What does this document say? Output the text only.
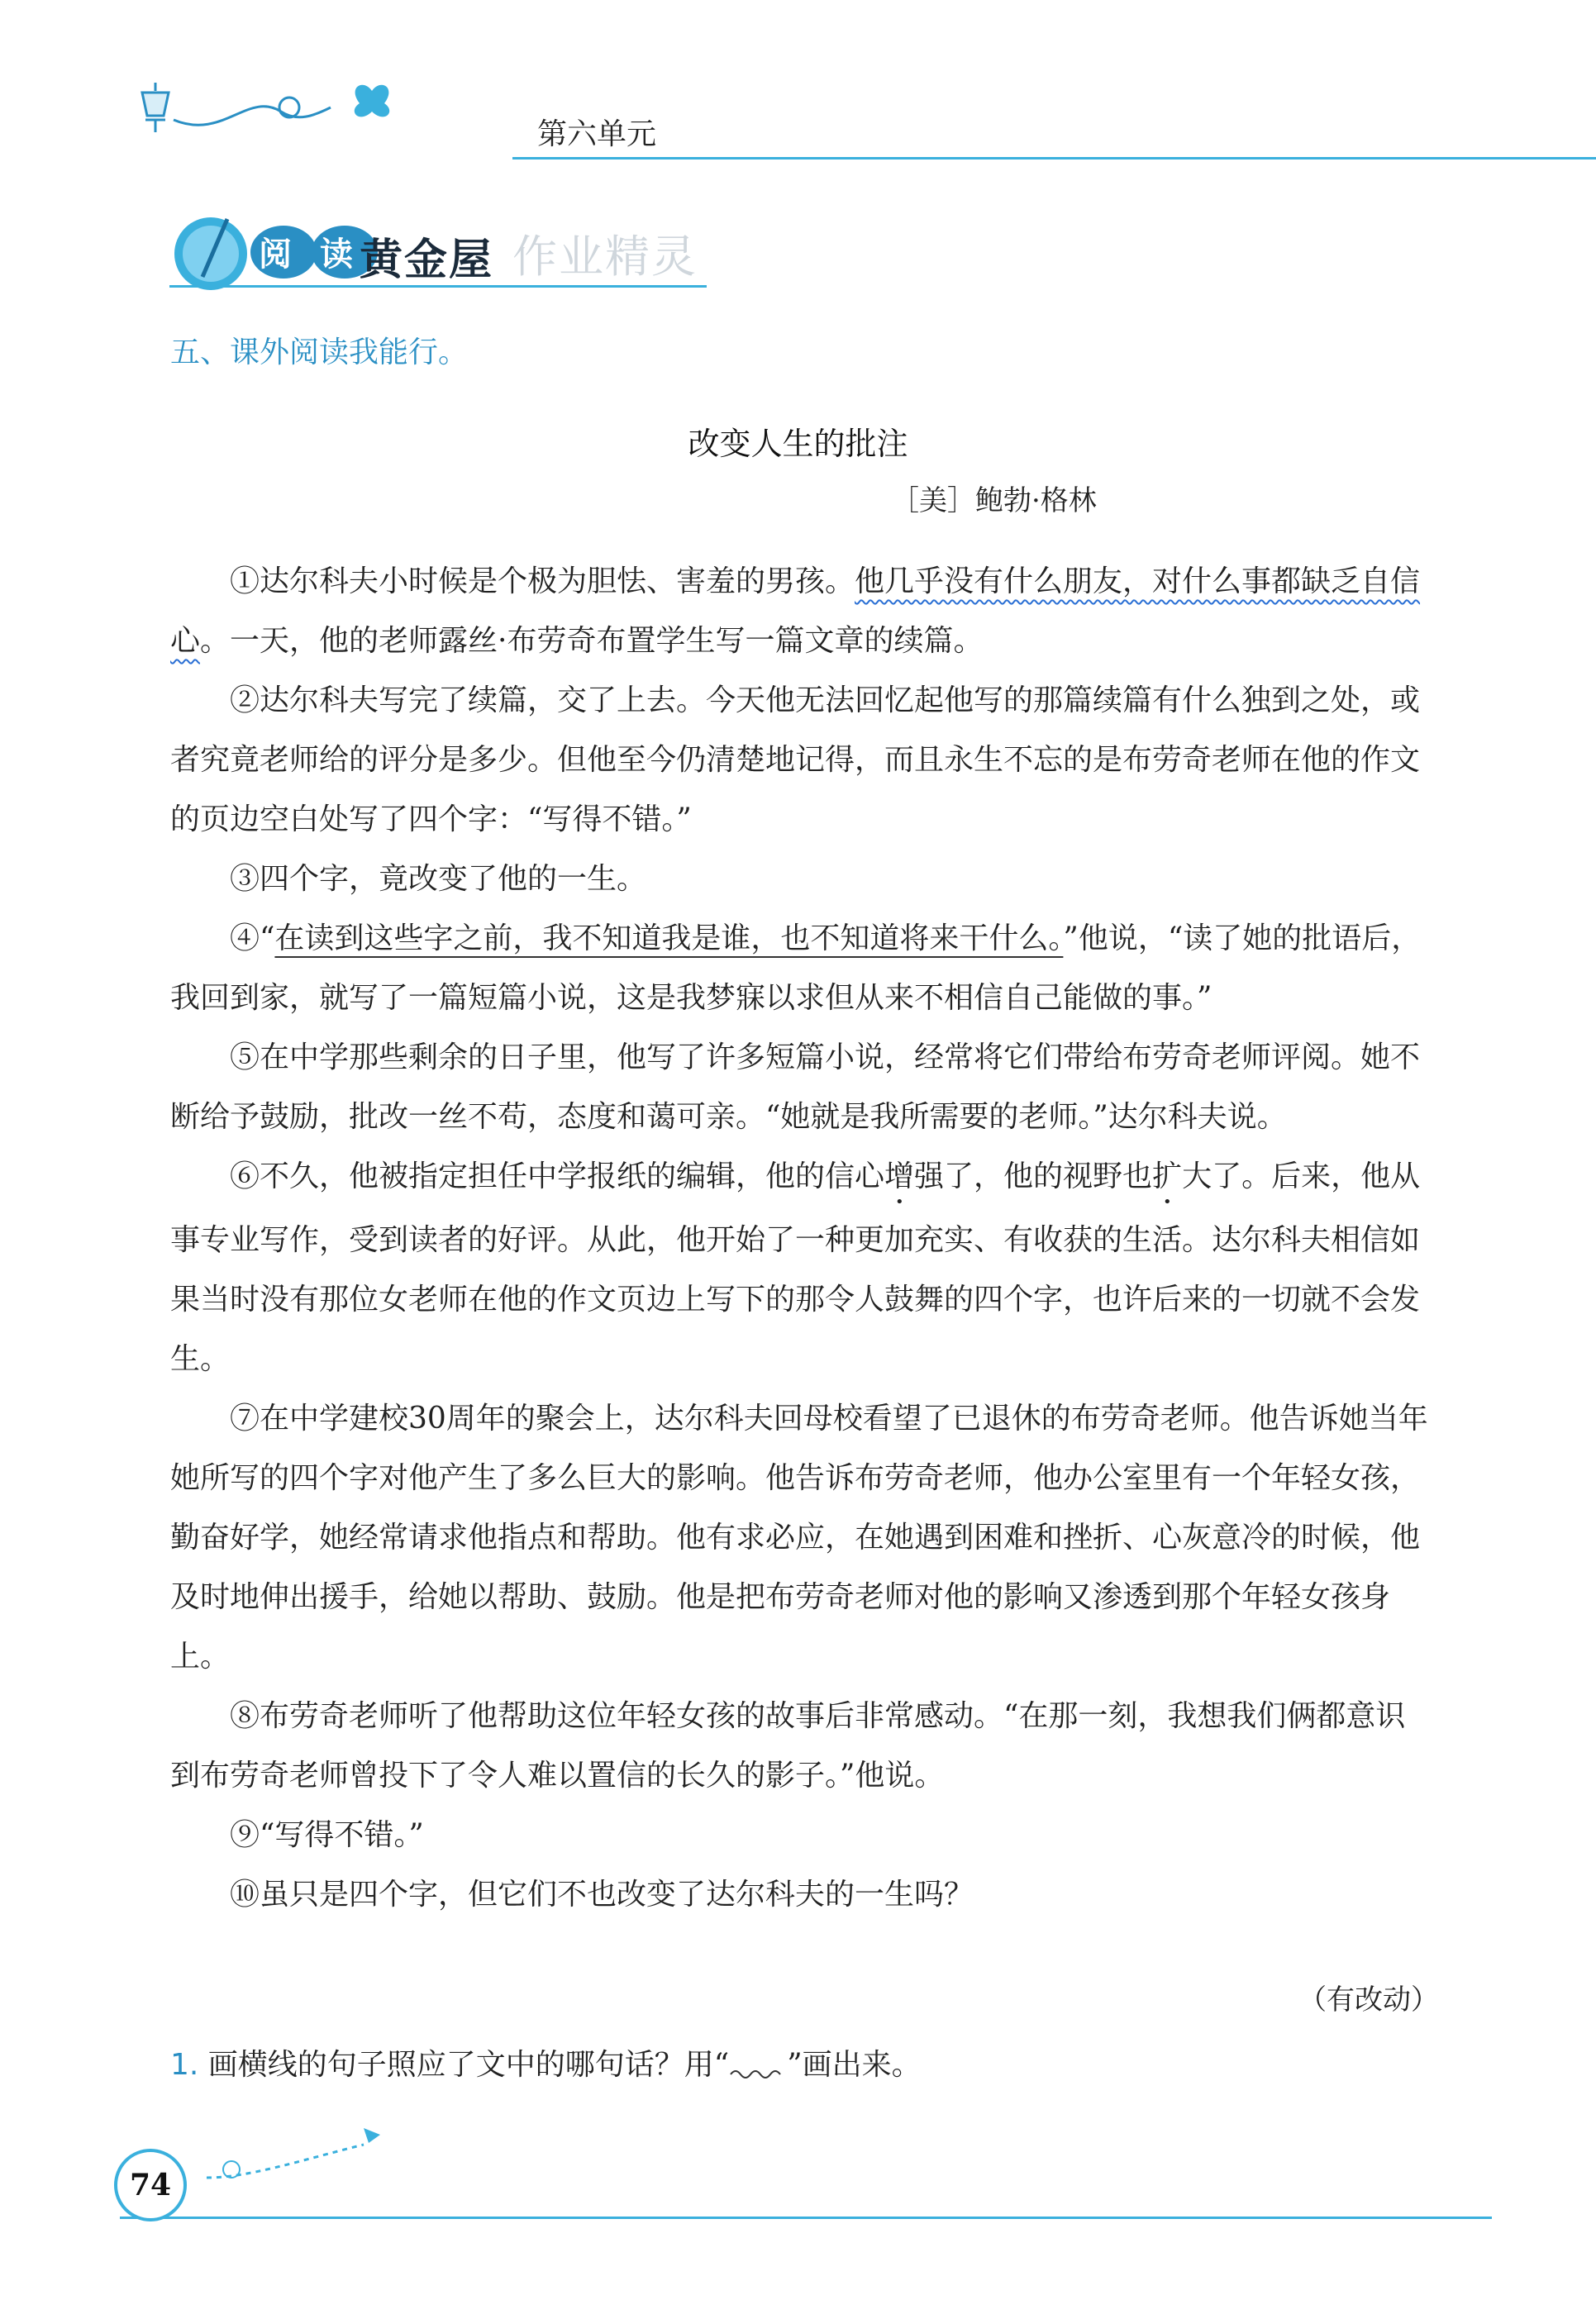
第六单元
阅 读 黄金屋 作业精灵
五、课外阅读我能行。
改变人生的批注
［美］鲍勃·格林

①达尔科夫小时候是个极为胆怯、害羞的男孩。他几乎没有什么朋友，对什么事都缺乏自信心。一天，他的老师露丝·布劳奇布置学生写一篇文章的续篇。

②达尔科夫写完了续篇，交了上去。今天他无法回忆起他写的那篇续篇有什么独到之处，或者究竟老师给的评分是多少。但他至今仍清楚地记得，而且永生不忘的是布劳奇老师在他的作文的页边空白处写了四个字：“写得不错。”

③四个字，竟改变了他的一生。

④“在读到这些字之前，我不知道我是谁，也不知道将来干什么。”他说，“读了她的批语后，我回到家，就写了一篇短篇小说，这是我梦寐以求但从来不相信自己能做的事。”

⑤在中学那些剩余的日子里，他写了许多短篇小说，经常将它们带给布劳奇老师评阅。她不断给予鼓励，批改一丝不苟，态度和蔼可亲。“她就是我所需要的老师。”达尔科夫说。

⑥不久，他被指定担任中学报纸的编辑，他的信心增强了，他的视野也扩大了。后来，他从事专业写作，受到读者的好评。从此，他开始了一种更加充实、有收获的生活。达尔科夫相信如果当时没有那位女老师在他的作文页边上写下的那令人鼓舞的四个字，也许后来的一切就不会发生。

⑦在中学建校30周年的聚会上，达尔科夫回母校看望了已退休的布劳奇老师。他告诉她当年她所写的四个字对他产生了多么巨大的影响。他告诉布劳奇老师，他办公室里有一个年轻女孩，勤奋好学，她经常请求他指点和帮助。他有求必应，在她遇到困难和挫折、心灰意冷的时候，他及时地伸出援手，给她以帮助、鼓励。他是把布劳奇老师对他的影响又渗透到那个年轻女孩身上。

⑧布劳奇老师听了他帮助这位年轻女孩的故事后非常感动。“在那一刻，我想我们俩都意识到布劳奇老师曾投下了令人难以置信的长久的影子。”他说。

⑨“写得不错。”

⑩虽只是四个字，但它们不也改变了达尔科夫的一生吗？

（有改动）
1. 画横线的句子照应了文中的哪句话？用“ ”画出来。
74
